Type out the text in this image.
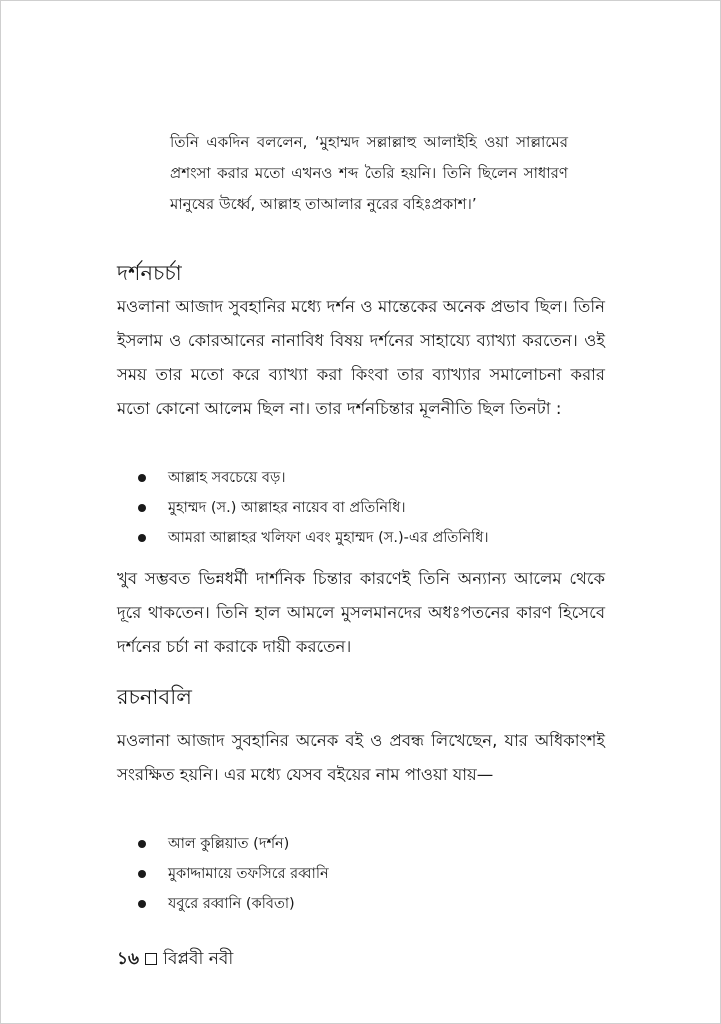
তিনি একদিন বললেন, ‘মুহাম্মদ সল্লাল্লাহু আলাইহি ওয়া সাল্লামের প্রশংসা করার মতো এখনও শব্দ তৈরি হয়নি। তিনি ছিলেন সাধারণ মানুষের উর্ধ্বে, আল্লাহ তাআলার নুরের বহিঃপ্রকাশ।’

দর্শনচর্চা

মওলানা আজাদ সুবহানির মধ্যে দর্শন ও মান্তেকের অনেক প্রভাব ছিল। তিনি ইসলাম ও কোরআনের নানাবিধ বিষয় দর্শনের সাহায্যে ব্যাখ্যা করতেন। ওই সময় তার মতো করে ব্যাখ্যা করা কিংবা তার ব্যাখ্যার সমালোচনা করার মতো কোনো আলেম ছিল না। তার দর্শনচিন্তার মূলনীতি ছিল তিনটা :

আল্লাহ সবচেয়ে বড়।
মুহাম্মদ (স.) আল্লাহর নায়েব বা প্রতিনিধি।
আমরা আল্লাহর খলিফা এবং মুহাম্মদ (স.)-এর প্রতিনিধি।

খুব সম্ভবত ভিন্নধর্মী দার্শনিক চিন্তার কারণেই তিনি অন্যান্য আলেম থেকে দূরে থাকতেন। তিনি হাল আমলে মুসলমানদের অধঃপতনের কারণ হিসেবে দর্শনের চর্চা না করাকে দায়ী করতেন।

রচনাবলি

মওলানা আজাদ সুবহানির অনেক বই ও প্রবন্ধ লিখেছেন, যার অধিকাংশই সংরক্ষিত হয়নি। এর মধ্যে যেসব বইয়ের নাম পাওয়া যায়—

আল কুল্লিয়াত (দর্শন)
মুকাদ্দামায়ে তফসিরে রব্বানি
যবুরে রব্বানি (কবিতা)
১৬ বিপ্লবী নবী
